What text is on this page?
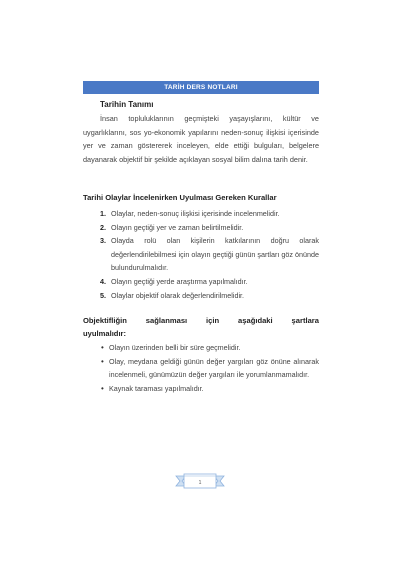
TARİH DERS NOTLARI
Tarihin Tanımı
İnsan topluluklarının geçmişteki yaşayışlarını, kültür ve uygarlıklarını, sos yo-ekonomik yapılarını neden-sonuç ilişkisi içerisinde yer ve zaman göstererek inceleyen, elde ettiği bulguları, belgelere dayanarak objektif bir şekilde açıklayan sosyal bilim dalına tarih denir.
Tarihi Olaylar İncelenirken Uyulması Gereken Kurallar
1. Olaylar, neden-sonuç ilişkisi içerisinde incelenmelidir.
2. Olayın geçtiği yer ve zaman belirtilmelidir.
3. Olayda rolü olan kişilerin katkılarının doğru olarak değerlendirilebilmesi için olayın geçtiği günün şartları göz önünde bulundurulmalıdır.
4. Olayın geçtiği yerde araştırma yapılmalıdır.
5. Olaylar objektif olarak değerlendirilmelidir.
Objektifliğin sağlanması için aşağıdaki şartlara
uyulmalıdır:
• Olayın üzerinden belli bir süre geçmelidir.
• Olay, meydana geldiği günün değer yargıları göz önüne alınarak incelenmeli, günümüzün değer yargıları ile yorumlanmamalıdır.
• Kaynak taraması yapılmalıdır.
1
